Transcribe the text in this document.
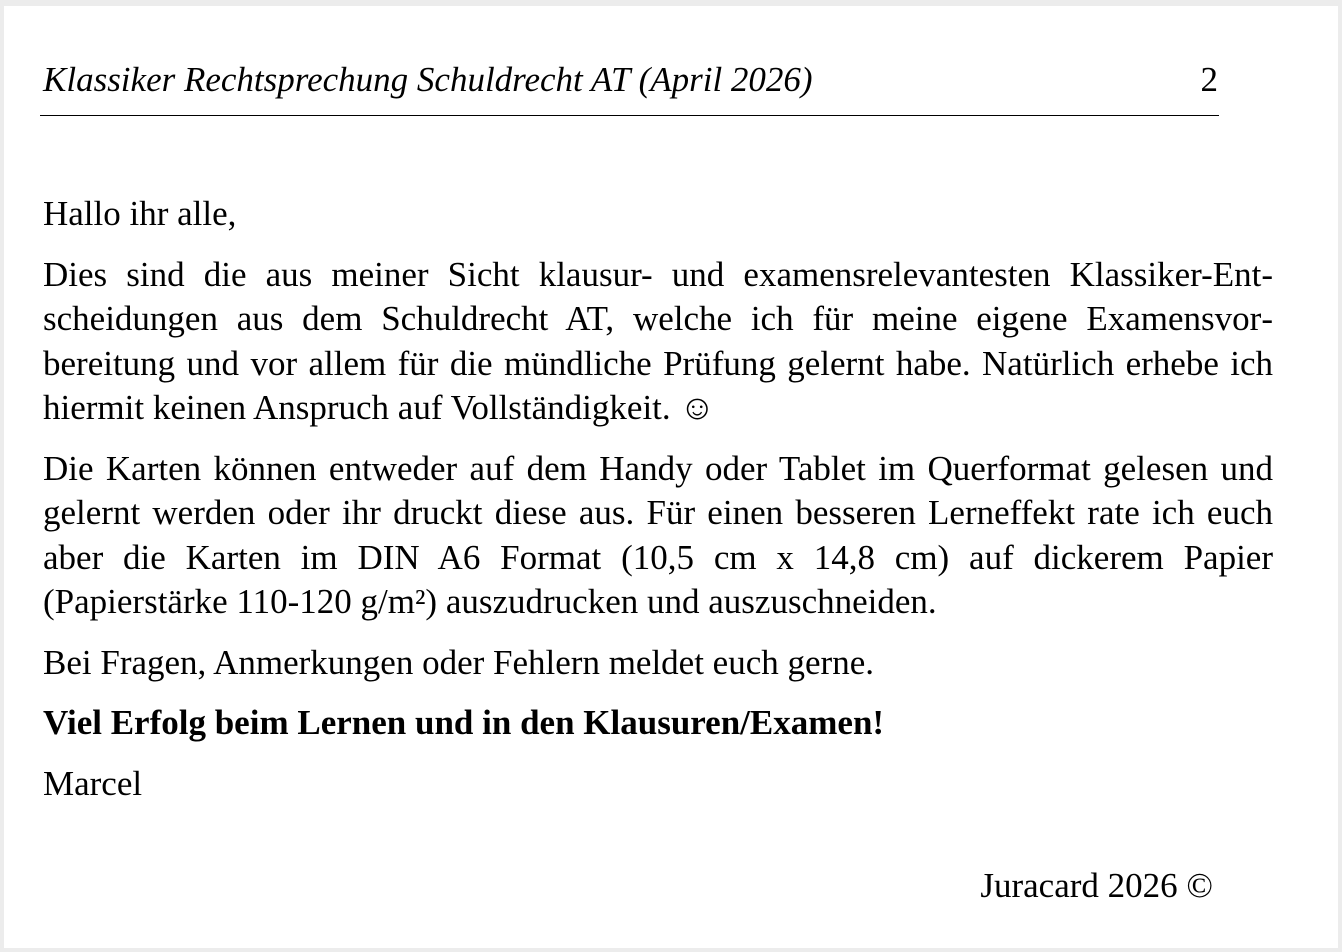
Klassiker Rechtsprechung Schuldrecht AT (April 2026)	2

Hallo ihr alle,

Dies sind die aus meiner Sicht klausur- und examensrelevantesten Klassiker-Entscheidungen aus dem Schuldrecht AT, welche ich für meine eigene Examensvorbereitung und vor allem für die mündliche Prüfung gelernt habe. Natürlich erhebe ich hiermit keinen Anspruch auf Vollständigkeit. ☺

Die Karten können entweder auf dem Handy oder Tablet im Querformat gelesen und gelernt werden oder ihr druckt diese aus. Für einen besseren Lerneffekt rate ich euch aber die Karten im DIN A6 Format (10,5 cm x 14,8 cm) auf dickerem Papier (Papierstärke 110-120 g/m²) auszudrucken und auszuschneiden.

Bei Fragen, Anmerkungen oder Fehlern meldet euch gerne.

Viel Erfolg beim Lernen und in den Klausuren/Examen!

Marcel

Juracard 2026 ©
